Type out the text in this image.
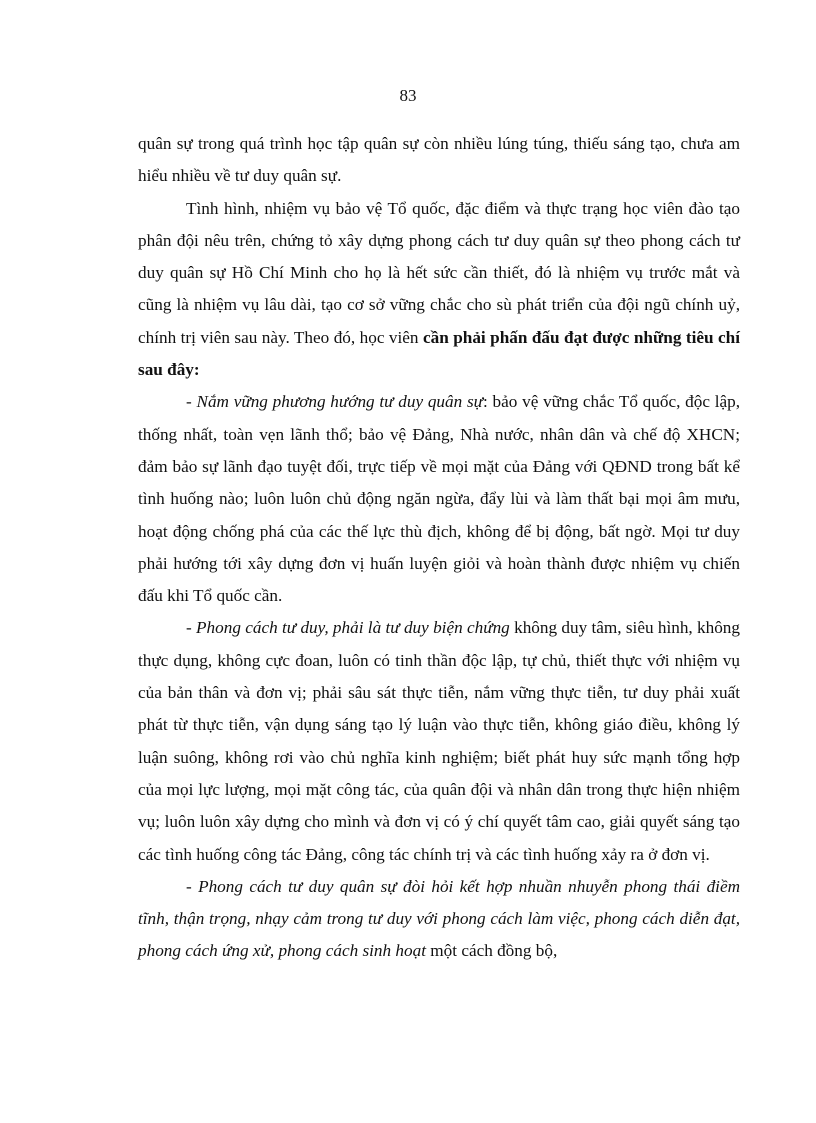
83

quân sự trong quá trình học tập quân sự còn nhiều lúng túng, thiếu sáng tạo, chưa am hiểu nhiều về tư duy quân sự.

Tình hình, nhiệm vụ bảo vệ Tổ quốc, đặc điểm và thực trạng học viên đào tạo phân đội nêu trên, chứng tỏ xây dựng phong cách tư duy quân sự theo phong cách tư duy quân sự Hồ Chí Minh cho họ là hết sức cần thiết, đó là nhiệm vụ trước mắt và cũng là nhiệm vụ lâu dài, tạo cơ sở vững chắc cho sù phát triển của đội ngũ chính uỷ, chính trị viên sau này. Theo đó, học viên cần phải phấn đấu đạt được những tiêu chí sau đây:

- Nắm vững phương hướng tư duy quân sự: bảo vệ vững chắc Tổ quốc, độc lập, thống nhất, toàn vẹn lãnh thổ; bảo vệ Đảng, Nhà nước, nhân dân và chế độ XHCN; đảm bảo sự lãnh đạo tuyệt đối, trực tiếp về mọi mặt của Đảng với QĐND trong bất kể tình huống nào; luôn luôn chủ động ngăn ngừa, đẩy lùi và làm thất bại mọi âm mưu, hoạt động chống phá của các thế lực thù địch, không để bị động, bất ngờ. Mọi tư duy phải hướng tới xây dựng đơn vị huấn luyện giỏi và hoàn thành được nhiệm vụ chiến đấu khi Tổ quốc cần.

- Phong cách tư duy, phải là tư duy biện chứng không duy tâm, siêu hình, không thực dụng, không cực đoan, luôn có tinh thần độc lập, tự chủ, thiết thực với nhiệm vụ của bản thân và đơn vị; phải sâu sát thực tiễn, nắm vững thực tiễn, tư duy phải xuất phát từ thực tiễn, vận dụng sáng tạo lý luận vào thực tiễn, không giáo điều, không lý luận suông, không rơi vào chủ nghĩa kinh nghiệm; biết phát huy sức mạnh tổng hợp của mọi lực lượng, mọi mặt công tác, của quân đội và nhân dân trong thực hiện nhiệm vụ; luôn luôn xây dựng cho mình và đơn vị có ý chí quyết tâm cao, giải quyết sáng tạo các tình huống công tác Đảng, công tác chính trị và các tình huống xảy ra ở đơn vị.

- Phong cách tư duy quân sự đòi hỏi kết hợp nhuần nhuyễn phong thái điềm tĩnh, thận trọng, nhạy cảm trong tư duy với phong cách làm việc, phong cách diễn đạt, phong cách ứng xử, phong cách sinh hoạt một cách đồng bộ,
